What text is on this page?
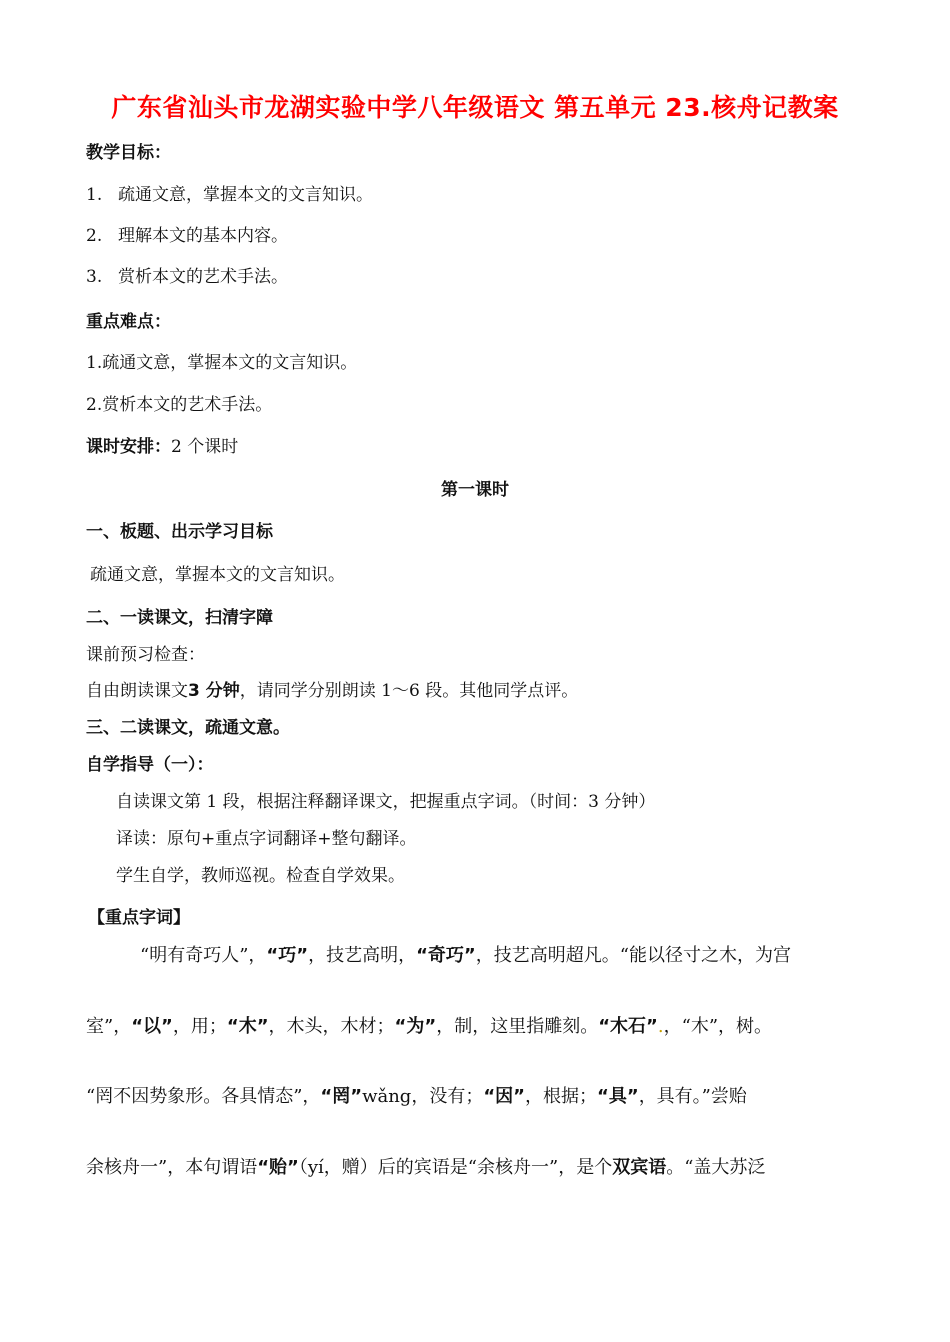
广东省汕头市龙湖实验中学八年级语文 第五单元 23.核舟记教案
教学目标：
1. 疏通文意，掌握本文的文言知识。
2. 理解本文的基本内容。
3. 赏析本文的艺术手法。
重点难点：
1.疏通文意，掌握本文的文言知识。
2.赏析本文的艺术手法。
课时安排：2 个课时
第一课时
一、板题、出示学习目标
疏通文意，掌握本文的文言知识。
二、一读课文，扫清字障
课前预习检查：
自由朗读课文3 分钟，请同学分别朗读 1～6 段。其他同学点评。
三、二读课文，疏通文意。
自学指导（一）：
自读课文第 1 段，根据注释翻译课文，把握重点字词。（时间：3 分钟）
译读：原句+重点字词翻译+整句翻译。
学生自学，教师巡视。检查自学效果。
【重点字词】
“明有奇巧人”，“巧”，技艺高明，“奇巧”，技艺高明超凡。“能以径寸之木，为宫
室”，“以”，用；“木”，木头，木材；“为”，制，这里指雕刻。“木石”.，“木”，树。
“罔不因势象形。各具情态”，“罔”wǎng，没有；“因”，根据；“具”，具有。”尝贻
余核舟一”，本句谓语“贻”（yí，赠）后的宾语是“余核舟一”，是个双宾语。“盖大苏泛
